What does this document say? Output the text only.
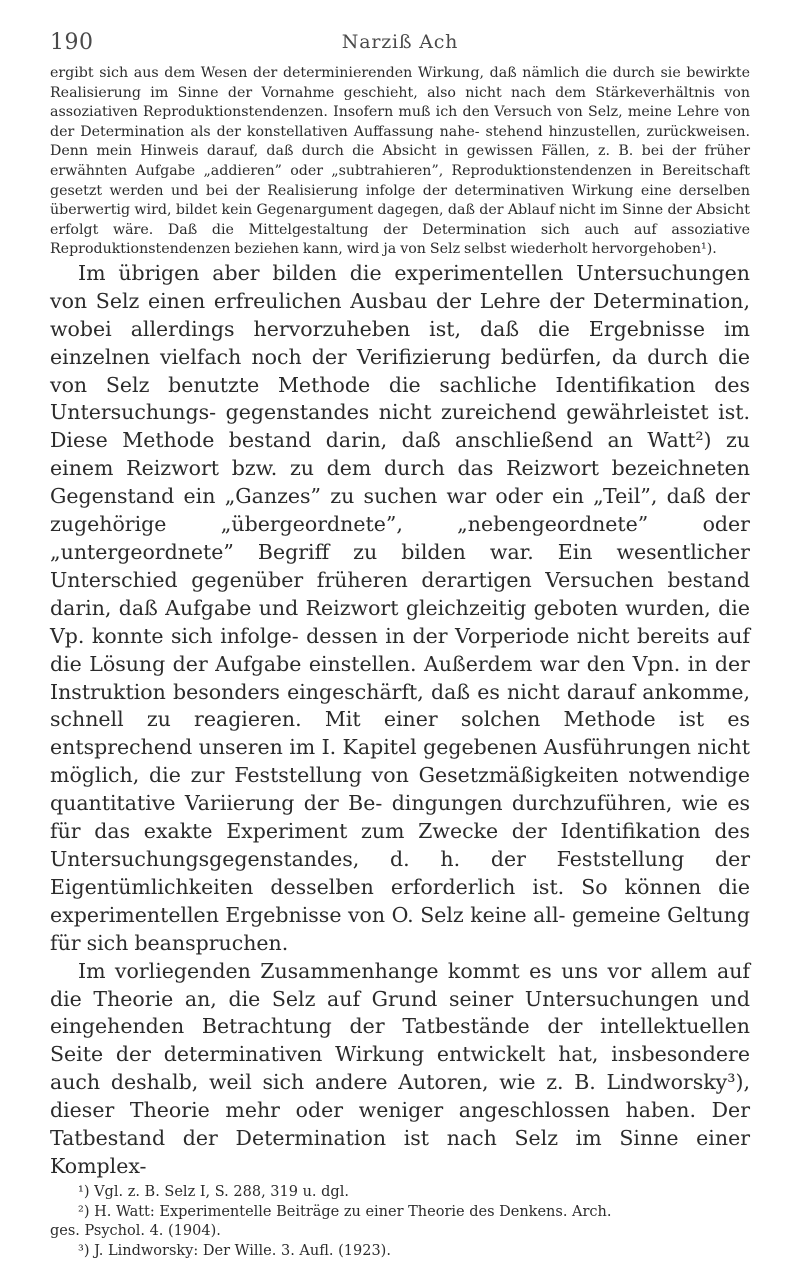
190	Narziß Ach

ergibt sich aus dem Wesen der determinierenden Wirkung, daß nämlich die durch sie bewirkte Realisierung im Sinne der Vornahme geschieht, also nicht nach dem Stärkeverhältnis von assoziativen Reproduktionstendenzen. Insofern muß ich den Versuch von Selz, meine Lehre von der Determination als der konstellativen Auffassung nahe- stehend hinzustellen, zurückweisen. Denn mein Hinweis darauf, daß durch die Absicht in gewissen Fällen, z. B. bei der früher erwähnten Aufgabe „addieren” oder „subtrahieren”, Reproduktionstendenzen in Bereitschaft gesetzt werden und bei der Realisierung infolge der determinativen Wirkung eine derselben überwertig wird, bildet kein Gegenargument dagegen, daß der Ablauf nicht im Sinne der Absicht erfolgt wäre. Daß die Mittelgestaltung der Determination sich auch auf assoziative Reproduktionstendenzen beziehen kann, wird ja von Selz selbst wiederholt hervorgehoben¹).

Im übrigen aber bilden die experimentellen Untersuchungen von Selz einen erfreulichen Ausbau der Lehre der Determination, wobei allerdings hervorzuheben ist, daß die Ergebnisse im einzelnen vielfach noch der Verifizierung bedürfen, da durch die von Selz benutzte Methode die sachliche Identifikation des Untersuchungs- gegenstandes nicht zureichend gewährleistet ist. Diese Methode bestand darin, daß anschließend an Watt²) zu einem Reizwort bzw. zu dem durch das Reizwort bezeichneten Gegenstand ein „Ganzes” zu suchen war oder ein „Teil”, daß der zugehörige	„übergeordnete”, „nebengeordnete” oder „untergeordnete” Begriff zu bilden war. Ein wesentlicher Unterschied gegenüber früheren derartigen Versuchen bestand darin, daß Aufgabe und Reizwort gleichzeitig geboten wurden, die Vp. konnte sich infolge- dessen in der Vorperiode nicht bereits auf die Lösung der Aufgabe einstellen. Außerdem war den Vpn. in der Instruktion besonders eingeschärft, daß es nicht darauf ankomme, schnell zu reagieren. Mit einer solchen Methode ist es entsprechend unseren im I. Kapitel gegebenen Ausführungen nicht möglich, die zur Feststellung von Gesetzmäßigkeiten notwendige quantitative Variierung der Be- dingungen durchzuführen, wie es für das exakte Experiment zum Zwecke der Identifikation des Untersuchungsgegenstandes, d. h. der Feststellung der Eigentümlichkeiten desselben erforderlich ist. So können die experimentellen Ergebnisse von O. Selz keine all- gemeine Geltung für sich beanspruchen.

Im vorliegenden Zusammenhange kommt es uns vor allem auf die Theorie an, die Selz auf Grund seiner Untersuchungen und eingehenden Betrachtung der Tatbestände der intellektuellen Seite der determinativen Wirkung entwickelt hat, insbesondere auch deshalb, weil sich andere Autoren, wie z. B. Lindworsky³), dieser Theorie mehr oder weniger angeschlossen haben. Der Tatbestand der Determination ist nach Selz im Sinne einer Komplex-

¹) Vgl. z. B. Selz I, S. 288, 319 u. dgl.

²) H. Watt: Experimentelle Beiträge zu einer Theorie des Denkens. Arch.

ges. Psychol. 4. (1904).

³) J. Lindworsky: Der Wille. 3. Aufl. (1923).
